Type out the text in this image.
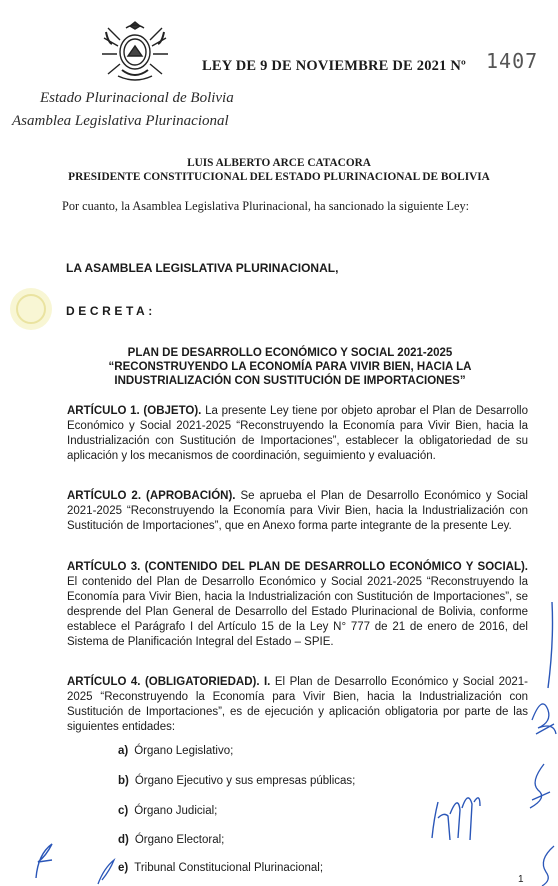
LEY DE 9 DE NOVIEMBRE DE 2021 Nº 1407
Estado Plurinacional de Bolivia
Asamblea Legislativa Plurinacional
LUIS ALBERTO ARCE CATACORA
PRESIDENTE CONSTITUCIONAL DEL ESTADO PLURINACIONAL DE BOLIVIA
Por cuanto, la Asamblea Legislativa Plurinacional, ha sancionado la siguiente Ley:
LA ASAMBLEA LEGISLATIVA PLURINACIONAL,
DECRETA:
PLAN DE DESARROLLO ECONÓMICO Y SOCIAL 2021-2025
“RECONSTRUYENDO LA ECONOMÍA PARA VIVIR BIEN, HACIA LA
INDUSTRIALIZACIÓN CON SUSTITUCIÓN DE IMPORTACIONES”
ARTÍCULO 1. (OBJETO). La presente Ley tiene por objeto aprobar el Plan de Desarrollo Económico y Social 2021-2025 “Reconstruyendo la Economía para Vivir Bien, hacia la Industrialización con Sustitución de Importaciones”, establecer la obligatoriedad de su aplicación y los mecanismos de coordinación, seguimiento y evaluación.
ARTÍCULO 2. (APROBACIÓN). Se aprueba el Plan de Desarrollo Económico y Social 2021-2025 “Reconstruyendo la Economía para Vivir Bien, hacia la Industrialización con Sustitución de Importaciones”, que en Anexo forma parte integrante de la presente Ley.
ARTÍCULO 3. (CONTENIDO DEL PLAN DE DESARROLLO ECONÓMICO Y SOCIAL). El contenido del Plan de Desarrollo Económico y Social 2021-2025 “Reconstruyendo la Economía para Vivir Bien, hacia la Industrialización con Sustitución de Importaciones”, se desprende del Plan General de Desarrollo del Estado Plurinacional de Bolivia, conforme establece el Parágrafo I del Artículo 15 de la Ley N° 777 de 21 de enero de 2016, del Sistema de Planificación Integral del Estado – SPIE.
ARTÍCULO 4. (OBLIGATORIEDAD). I. El Plan de Desarrollo Económico y Social 2021-2025 “Reconstruyendo la Economía para Vivir Bien, hacia la Industrialización con Sustitución de Importaciones”, es de ejecución y aplicación obligatoria por parte de las siguientes entidades:
a) Órgano Legislativo;
b) Órgano Ejecutivo y sus empresas públicas;
c) Órgano Judicial;
d) Órgano Electoral;
e) Tribunal Constitucional Plurinacional;
1
